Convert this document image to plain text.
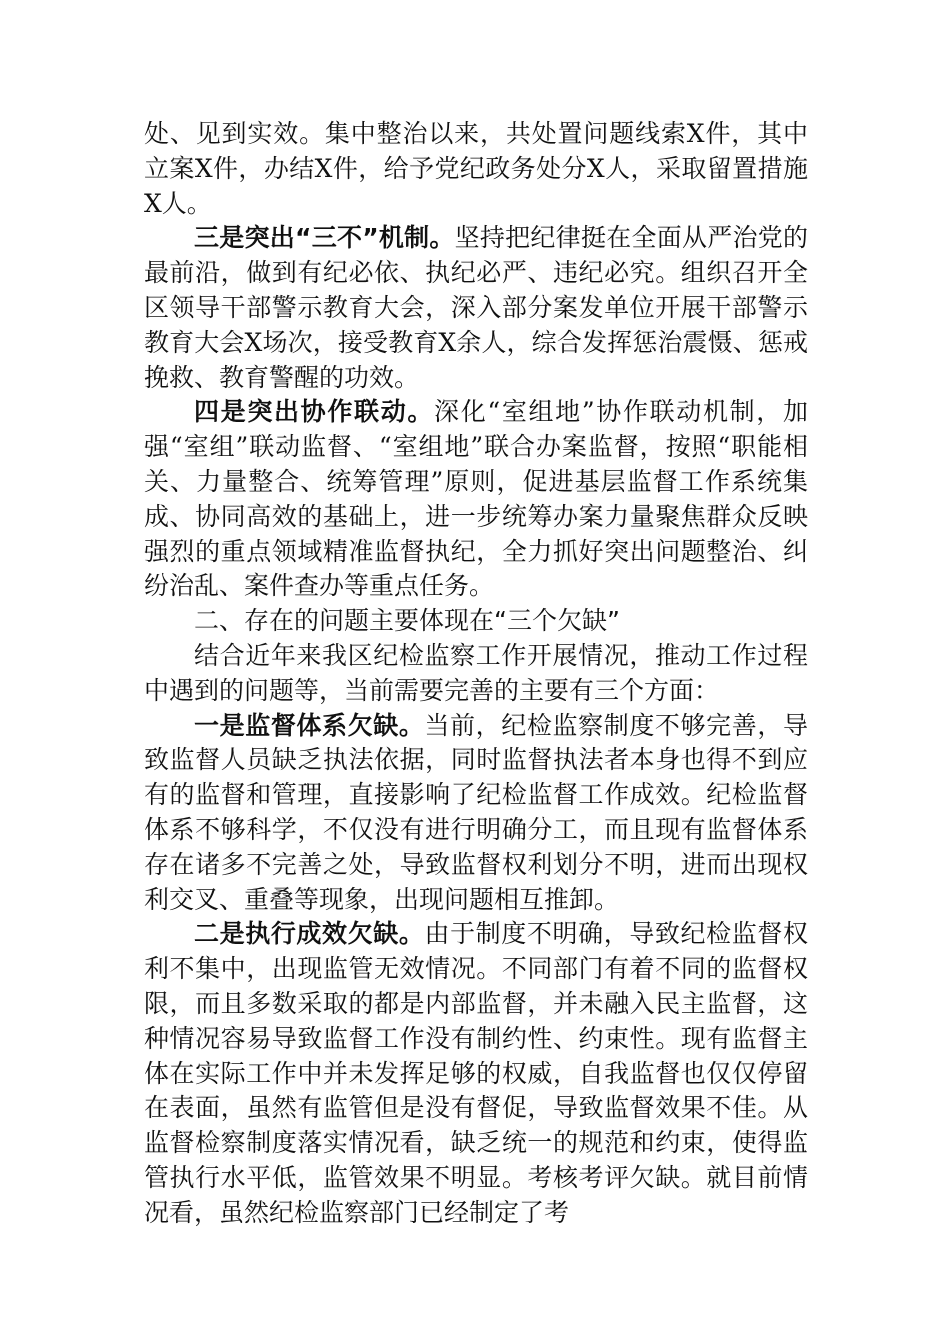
处、见到实效。集中整治以来，共处置问题线索X件，其中立案X件，办结X件，给予党纪政务处分X人，采取留置措施X人。

三是突出“三不”机制。坚持把纪律挺在全面从严治党的最前沿，做到有纪必依、执纪必严、违纪必究。组织召开全区领导干部警示教育大会，深入部分案发单位开展干部警示教育大会X场次，接受教育X余人，综合发挥惩治震慑、惩戒挽救、教育警醒的功效。

四是突出协作联动。深化“室组地”协作联动机制，加强“室组”联动监督、“室组地”联合办案监督，按照“职能相关、力量整合、统筹管理”原则，促进基层监督工作系统集成、协同高效的基础上，进一步统筹办案力量聚焦群众反映强烈的重点领域精准监督执纪，全力抓好突出问题整治、纠纷治乱、案件查办等重点任务。

二、存在的问题主要体现在“三个欠缺”

结合近年来我区纪检监察工作开展情况，推动工作过程中遇到的问题等，当前需要完善的主要有三个方面：

一是监督体系欠缺。当前，纪检监察制度不够完善，导致监督人员缺乏执法依据，同时监督执法者本身也得不到应有的监督和管理，直接影响了纪检监督工作成效。纪检监督体系不够科学，不仅没有进行明确分工，而且现有监督体系存在诸多不完善之处，导致监督权利划分不明，进而出现权利交叉、重叠等现象，出现问题相互推卸。

二是执行成效欠缺。由于制度不明确，导致纪检监督权利不集中，出现监管无效情况。不同部门有着不同的监督权限，而且多数采取的都是内部监督，并未融入民主监督，这种情况容易导致监督工作没有制约性、约束性。现有监督主体在实际工作中并未发挥足够的权威，自我监督也仅仅停留在表面，虽然有监管但是没有督促，导致监督效果不佳。从监督检察制度落实情况看，缺乏统一的规范和约束，使得监管执行水平低，监管效果不明显。考核考评欠缺。就目前情况看，虽然纪检监察部门已经制定了考
